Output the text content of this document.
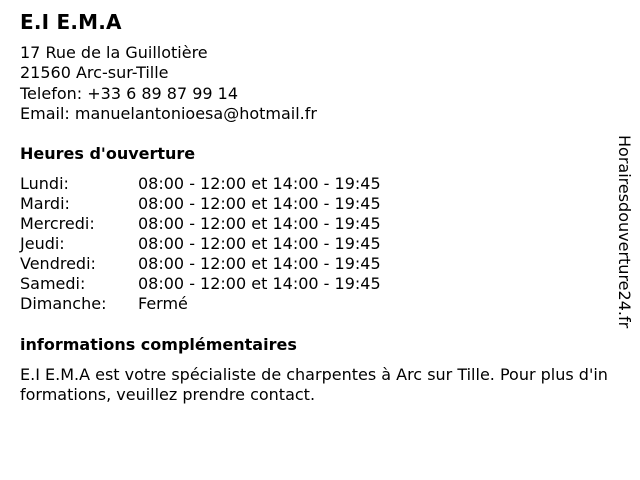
E.I E.M.A
17 Rue de la Guillotière
21560 Arc-sur-Tille
Telefon: +33 6 89 87 99 14
Email: manuelantonioesa@hotmail.fr
Heures d'ouverture
Lundi:	08:00 - 12:00 et 14:00 - 19:45
Mardi:	08:00 - 12:00 et 14:00 - 19:45
Mercredi:	08:00 - 12:00 et 14:00 - 19:45
Jeudi:	08:00 - 12:00 et 14:00 - 19:45
Vendredi:	08:00 - 12:00 et 14:00 - 19:45
Samedi:	08:00 - 12:00 et 14:00 - 19:45
Dimanche:	Fermé
informations complémentaires
E.I E.M.A est votre spécialiste de charpentes à Arc sur Tille. Pour plus d'informations, veuillez prendre contact.
Horairesdouverture24.fr
